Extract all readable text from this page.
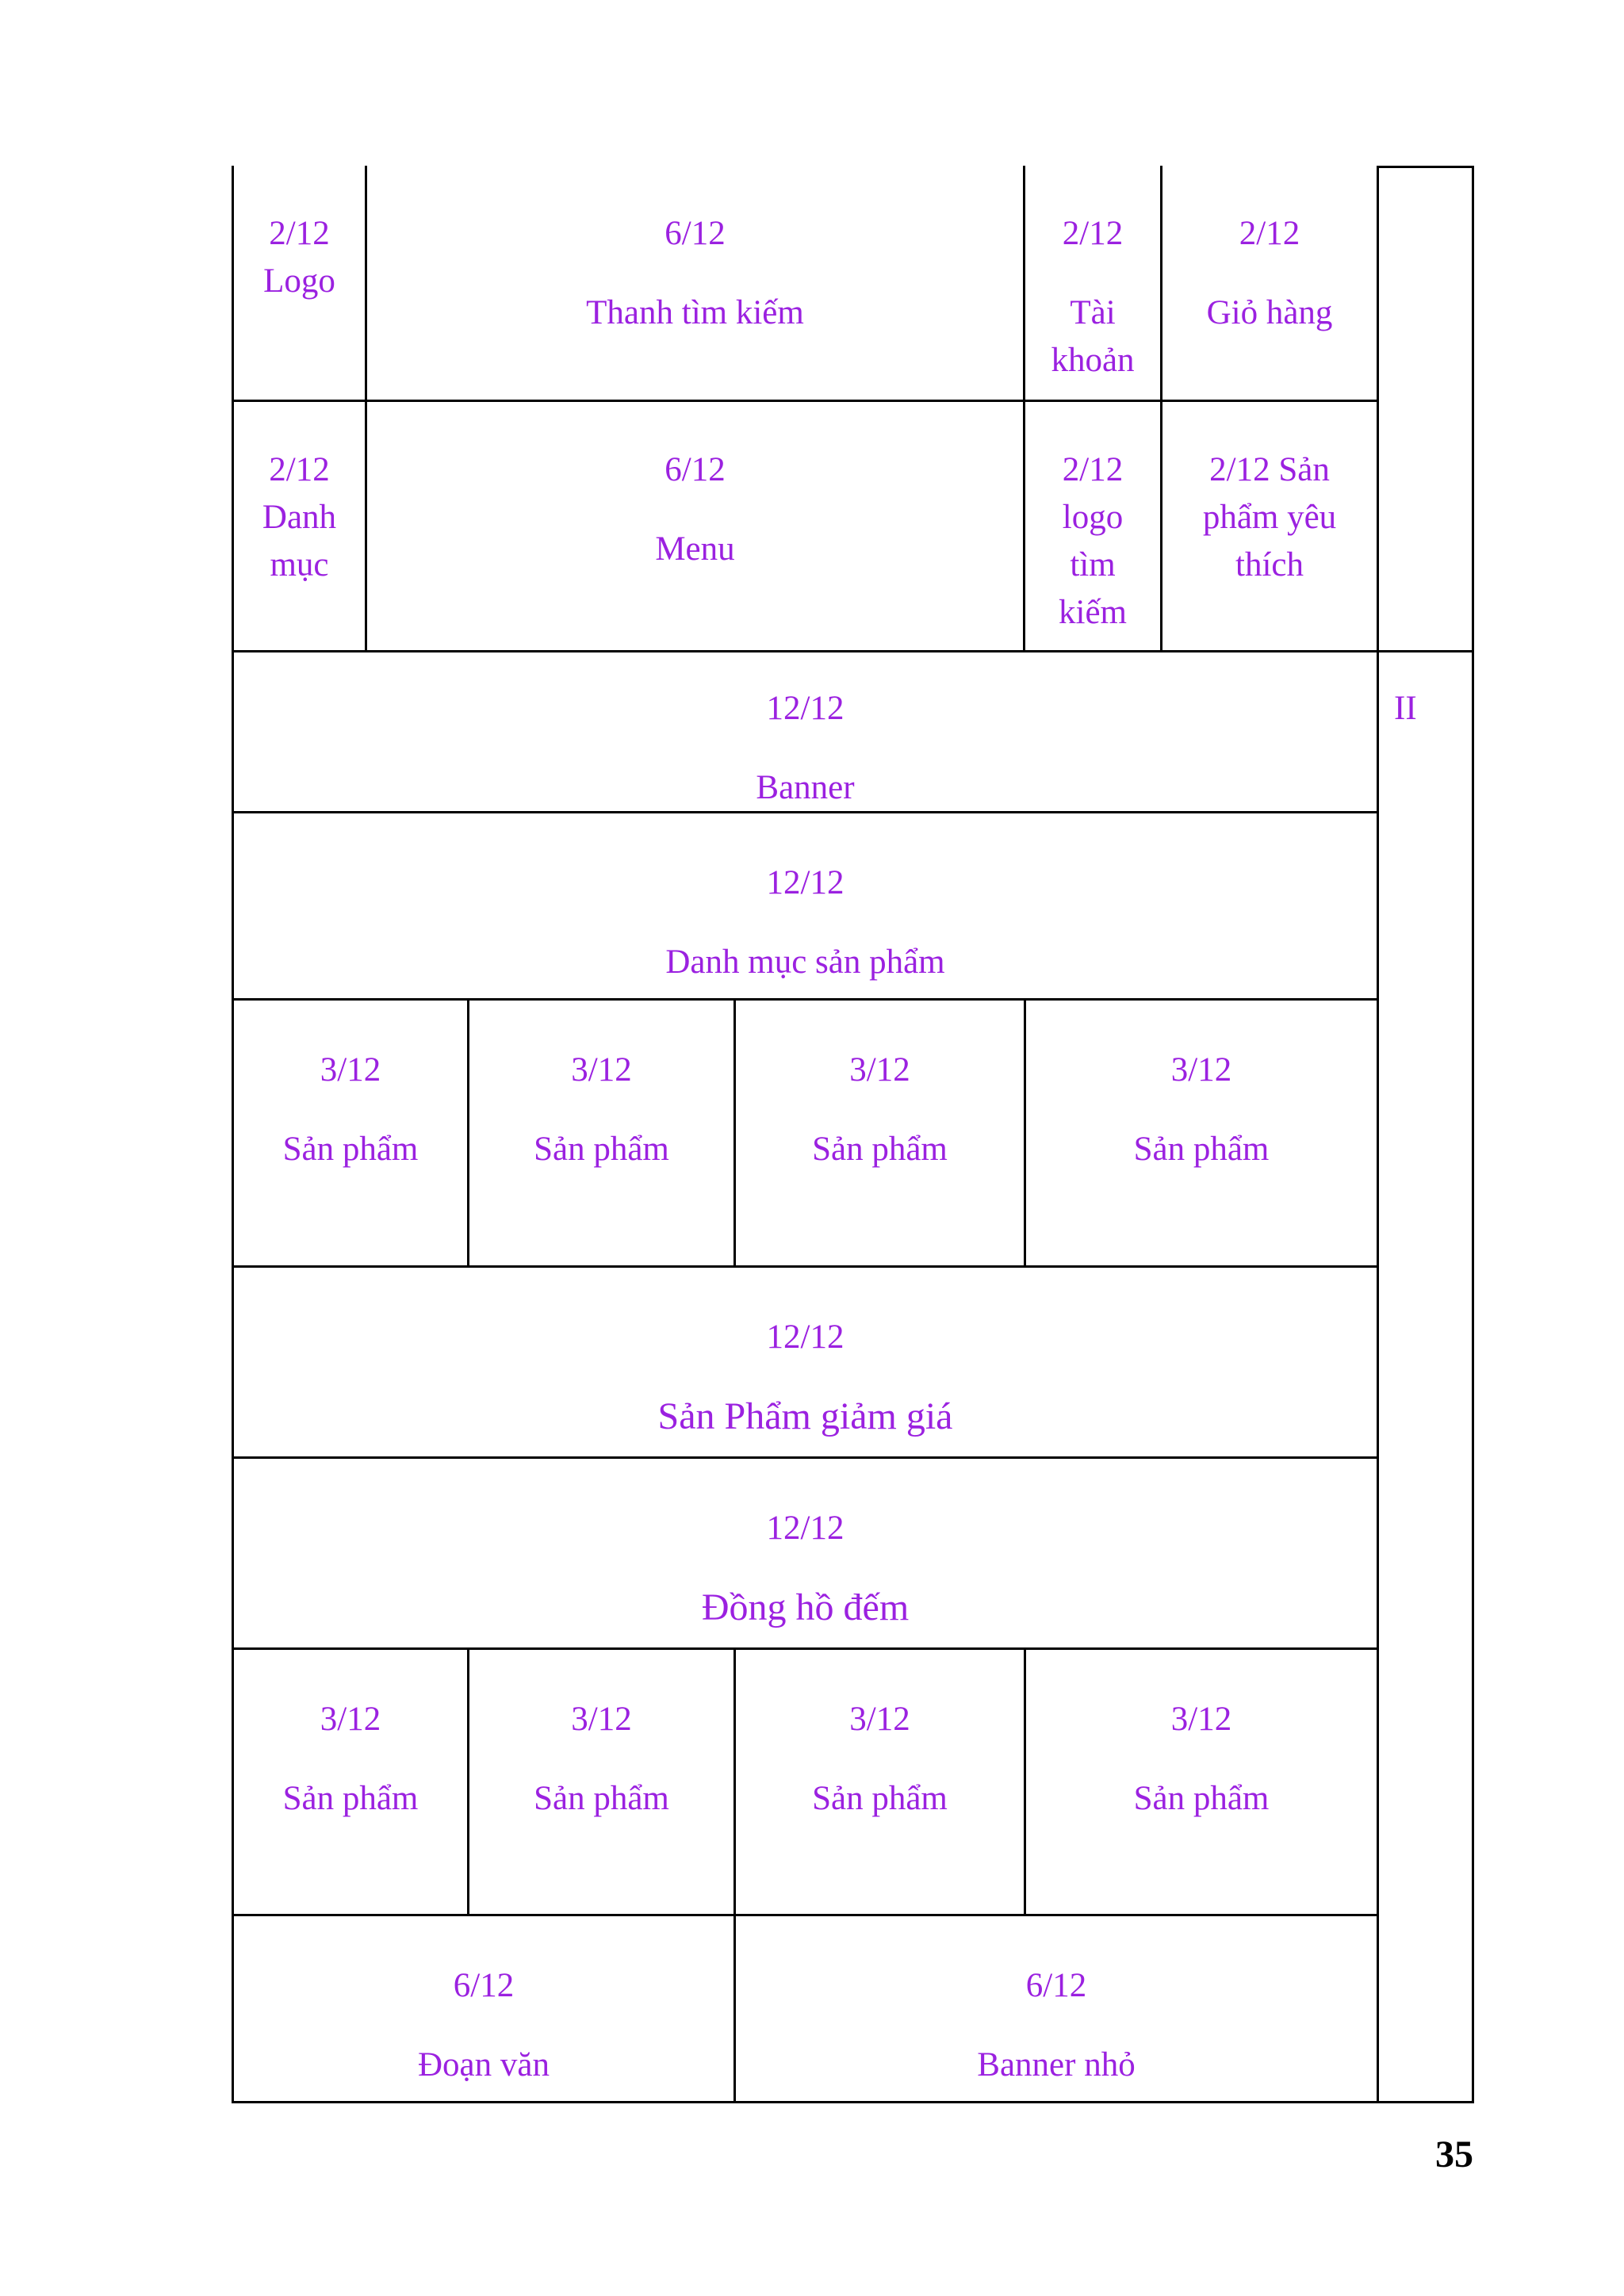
2/12
Logo
6/12
Thanh tìm kiếm
2/12
Tài
khoản
2/12
Giỏ hàng
2/12
Danh
mục
6/12
Menu
2/12
logo
tìm
kiếm
2/12 Sản
phẩm yêu
thích
II
12/12
Banner
12/12
Danh mục sản phẩm
3/12
Sản phẩm
3/12
Sản phẩm
3/12
Sản phẩm
3/12
Sản phẩm
12/12
Sản Phẩm giảm giá
12/12
Đồng hồ đếm
3/12
Sản phẩm
3/12
Sản phẩm
3/12
Sản phẩm
3/12
Sản phẩm
6/12
Đoạn văn
6/12
Banner nhỏ
35
